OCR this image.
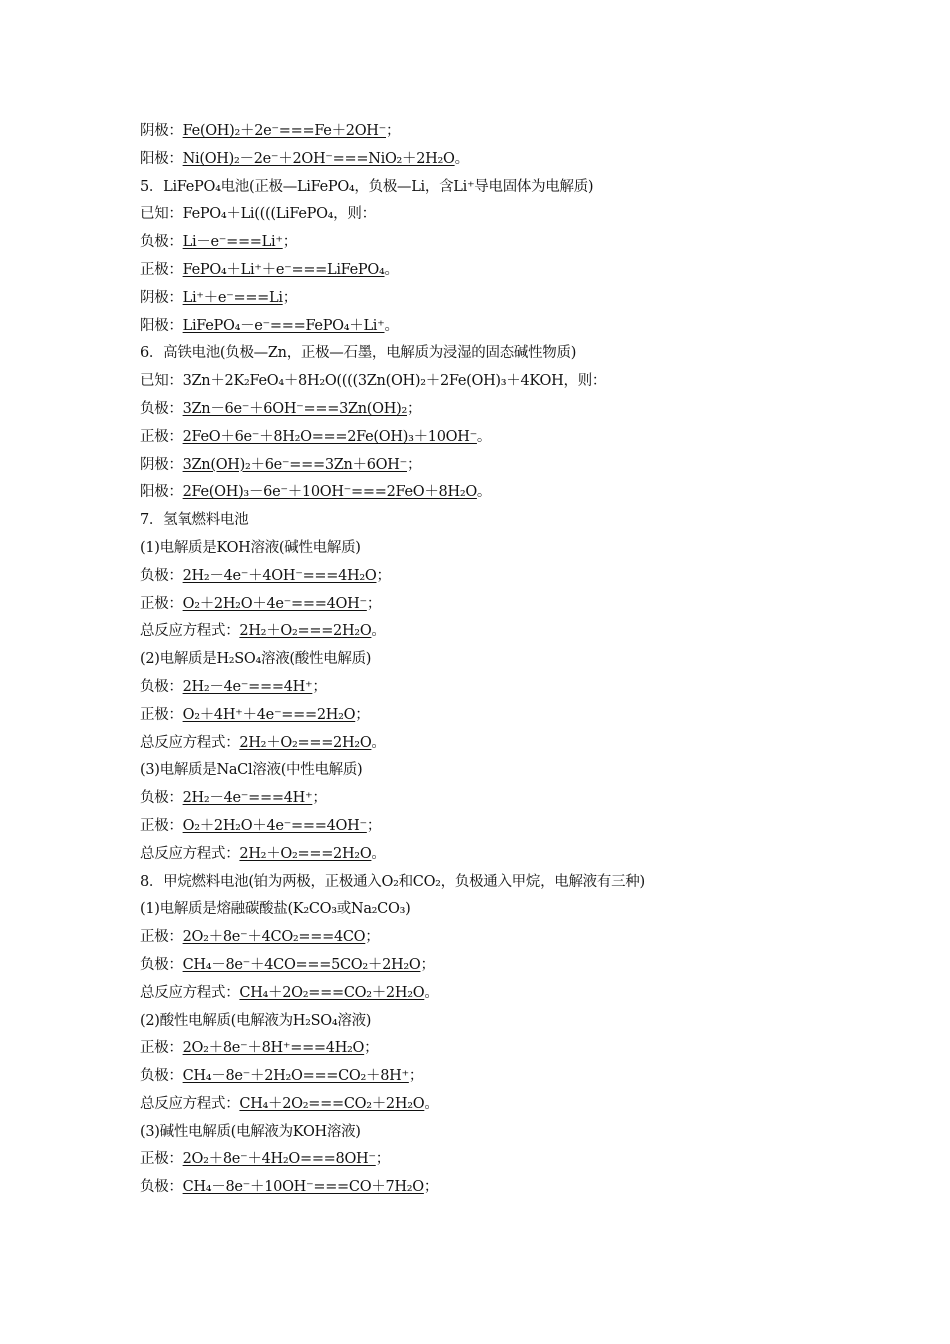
阴极：Fe(OH)₂＋2e⁻===Fe＋2OH⁻；
阳极：Ni(OH)₂－2e⁻＋2OH⁻===NiO₂＋2H₂O。
5．LiFePO₄电池(正极—LiFePO₄，负极—Li，含Li⁺导电固体为电解质)
已知：FePO₄＋Li((((LiFePO₄，则：
负极：Li－e⁻===Li⁺；
正极：FePO₄＋Li⁺＋e⁻===LiFePO₄。
阴极：Li⁺＋e⁻===Li；
阳极：LiFePO₄－e⁻===FePO₄＋Li⁺。
6．高铁电池(负极—Zn，正极—石墨，电解质为浸湿的固态碱性物质)
已知：3Zn＋2K₂FeO₄＋8H₂O((((3Zn(OH)₂＋2Fe(OH)₃＋4KOH，则：
负极：3Zn－6e⁻＋6OH⁻===3Zn(OH)₂；
正极：2FeO＋6e⁻＋8H₂O===2Fe(OH)₃＋10OH⁻。
阴极：3Zn(OH)₂＋6e⁻===3Zn＋6OH⁻；
阳极：2Fe(OH)₃－6e⁻＋10OH⁻===2FeO＋8H₂O。
7．氢氧燃料电池
(1)电解质是KOH溶液(碱性电解质)
负极：2H₂－4e⁻＋4OH⁻===4H₂O；
正极：O₂＋2H₂O＋4e⁻===4OH⁻；
总反应方程式：2H₂＋O₂===2H₂O。
(2)电解质是H₂SO₄溶液(酸性电解质)
负极：2H₂－4e⁻===4H⁺；
正极：O₂＋4H⁺＋4e⁻===2H₂O；
总反应方程式：2H₂＋O₂===2H₂O。
(3)电解质是NaCl溶液(中性电解质)
负极：2H₂－4e⁻===4H⁺；
正极：O₂＋2H₂O＋4e⁻===4OH⁻；
总反应方程式：2H₂＋O₂===2H₂O。
8．甲烷燃料电池(铂为两极，正极通入O₂和CO₂，负极通入甲烷，电解液有三种)
(1)电解质是熔融碳酸盐(K₂CO₃或Na₂CO₃)
正极：2O₂＋8e⁻＋4CO₂===4CO；
负极：CH₄－8e⁻＋4CO===5CO₂＋2H₂O；
总反应方程式：CH₄＋2O₂===CO₂＋2H₂O。
(2)酸性电解质(电解液为H₂SO₄溶液)
正极：2O₂＋8e⁻＋8H⁺===4H₂O；
负极：CH₄－8e⁻＋2H₂O===CO₂＋8H⁺；
总反应方程式：CH₄＋2O₂===CO₂＋2H₂O。
(3)碱性电解质(电解液为KOH溶液)
正极：2O₂＋8e⁻＋4H₂O===8OH⁻；
负极：CH₄－8e⁻＋10OH⁻===CO＋7H₂O；
